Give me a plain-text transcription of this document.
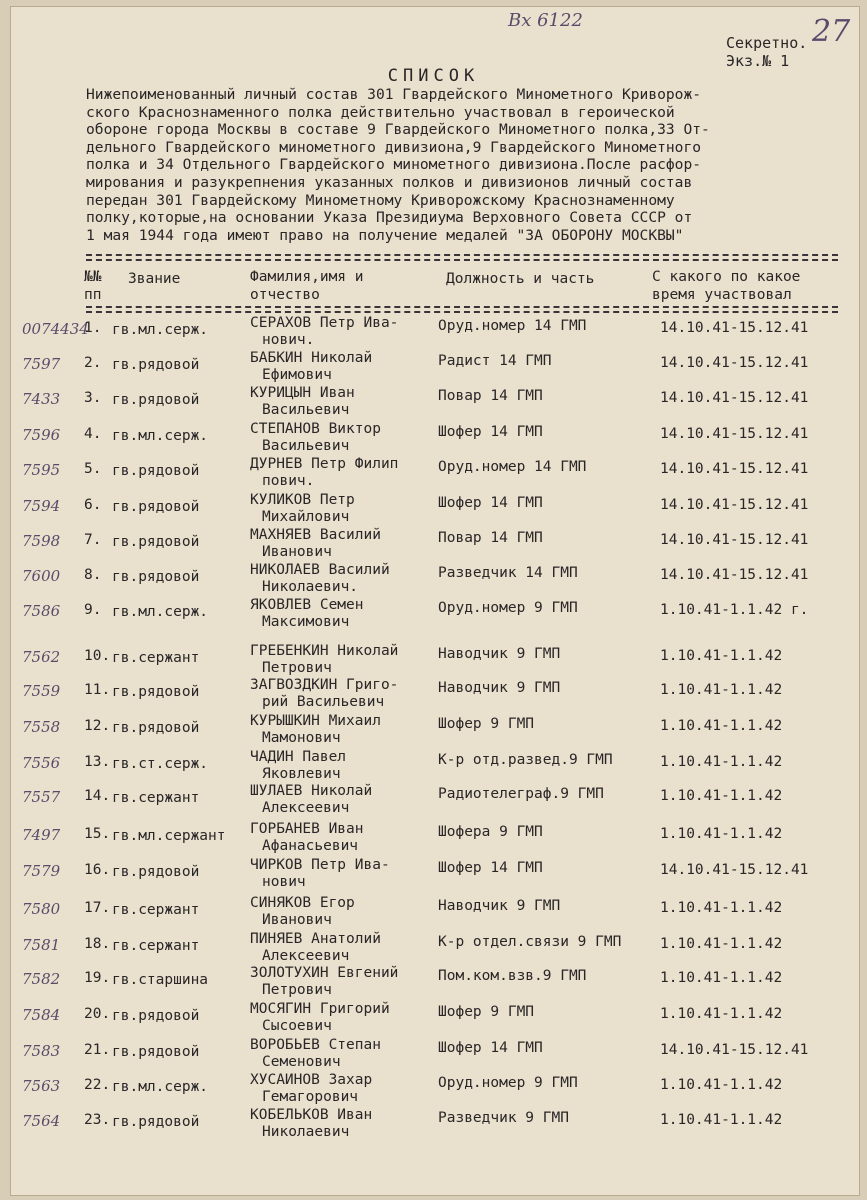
Вх 6122	27
Секретно.
Экз.№ 1
СПИСОК
Нижепоименованный личный состав 301 Гвардейского Минометного Криворож-
ского Краснознаменного полка действительно участвовал в героической
обороне города Москвы в составе 9 Гвардейского Минометного полка,33 От-
дельного Гвардейского минометного дивизиона,9 Гвардейского Минометного
полка и 34 Отдельного Гвардейского минометного дивизиона.После расфор-
мирования и разукрепнения указанных полков и дивизионов личный состав
передан 301 Гвардейскому Минометному Криворожскому Краснознаменному
полку,которые,на основании Указа Президиума Верховного Совета СССР от
1 мая 1944 года имеют право на получение медалей "ЗА ОБОРОНУ МОСКВЫ"
№№
пп
Звание	Фамилия,имя и
отчество
Должность и часть	С какого по какое
время участвовал
0074434
1. гв.мл.серж.	СЕРАХОВ Петр Ива-
нович.
Оруд.номер 14 ГМП	14.10.41-15.12.41
7597 2. гв.рядовой	БАБКИН Николай
Ефимович
Радист 14 ГМП	14.10.41-15.12.41
7433 3. гв.рядовой	КУРИЦЫН Иван
Васильевич
Повар 14 ГМП	14.10.41-15.12.41
7596 4. гв.мл.серж.	СТЕПАНОВ Виктор
Васильевич
Шофер 14 ГМП	14.10.41-15.12.41
7595 5. гв.рядовой	ДУРНЕВ Петр Филип
пович.
Оруд.номер 14 ГМП	14.10.41-15.12.41
7594 6. гв.рядовой	КУЛИКОВ Петр
Михайлович
Шофер 14 ГМП	14.10.41-15.12.41
7598 7. гв.рядовой	МАХНЯЕВ Василий
Иванович
Повар 14 ГМП	14.10.41-15.12.41
7600 8. гв.рядовой	НИКОЛАЕВ Василий
Николаевич.
Разведчик 14 ГМП	14.10.41-15.12.41
7586 9. гв.мл.серж.	ЯКОВЛЕВ Семен
Максимович
Оруд.номер 9 ГМП	1.10.41-1.1.42 г.
7562 10. гв.сержант	ГРЕБЕНКИН Николай
Петрович
Наводчик 9 ГМП	1.10.41-1.1.42
7559 11. гв.рядовой	ЗАГВОЗДКИН Григо-
рий Васильевич
Наводчик 9 ГМП	1.10.41-1.1.42
7558 12. гв.рядовой	КУРЫШКИН Михаил
Мамонович
Шофер 9 ГМП	1.10.41-1.1.42
7556 13. гв.ст.серж.	ЧАДИН Павел
Яковлевич
К-р отд.развед.9 ГМП	1.10.41-1.1.42
7557 14. гв.сержант	ШУЛАЕВ Николай
Алексеевич
Радиотелеграф.9 ГМП	1.10.41-1.1.42
7497 15. гв.мл.сержант ГОРБАНЕВ Иван
Афанасьевич
Шофера 9 ГМП	1.10.41-1.1.42
7579 16. гв.рядовой	ЧИРКОВ Петр Ива-
нович
Шофер 14 ГМП	14.10.41-15.12.41
7580 17. гв.сержант	СИНЯКОВ Егор
Иванович
Наводчик 9 ГМП	1.10.41-1.1.42
7581 18. гв.сержант	ПИНЯЕВ Анатолий
Алексеевич
К-р отдел.связи 9 ГМП	1.10.41-1.1.42
7582 19. гв.старшина	ЗОЛОТУХИН Евгений
Петрович
Пом.ком.взв.9 ГМП	1.10.41-1.1.42
7584 20. гв.рядовой	МОСЯГИН Григорий
Сысоевич
Шофер 9 ГМП	1.10.41-1.1.42
7583 21. гв.рядовой	ВОРОБЬЕВ Степан
Семенович
Шофер 14 ГМП	14.10.41-15.12.41
7563 22. гв.мл.серж.	ХУСАИНОВ Захар
Гемагорович
Оруд.номер 9 ГМП	1.10.41-1.1.42
7564 23. гв.рядовой	КОБЕЛЬКОВ Иван
Николаевич
Разведчик 9 ГМП	1.10.41-1.1.42
